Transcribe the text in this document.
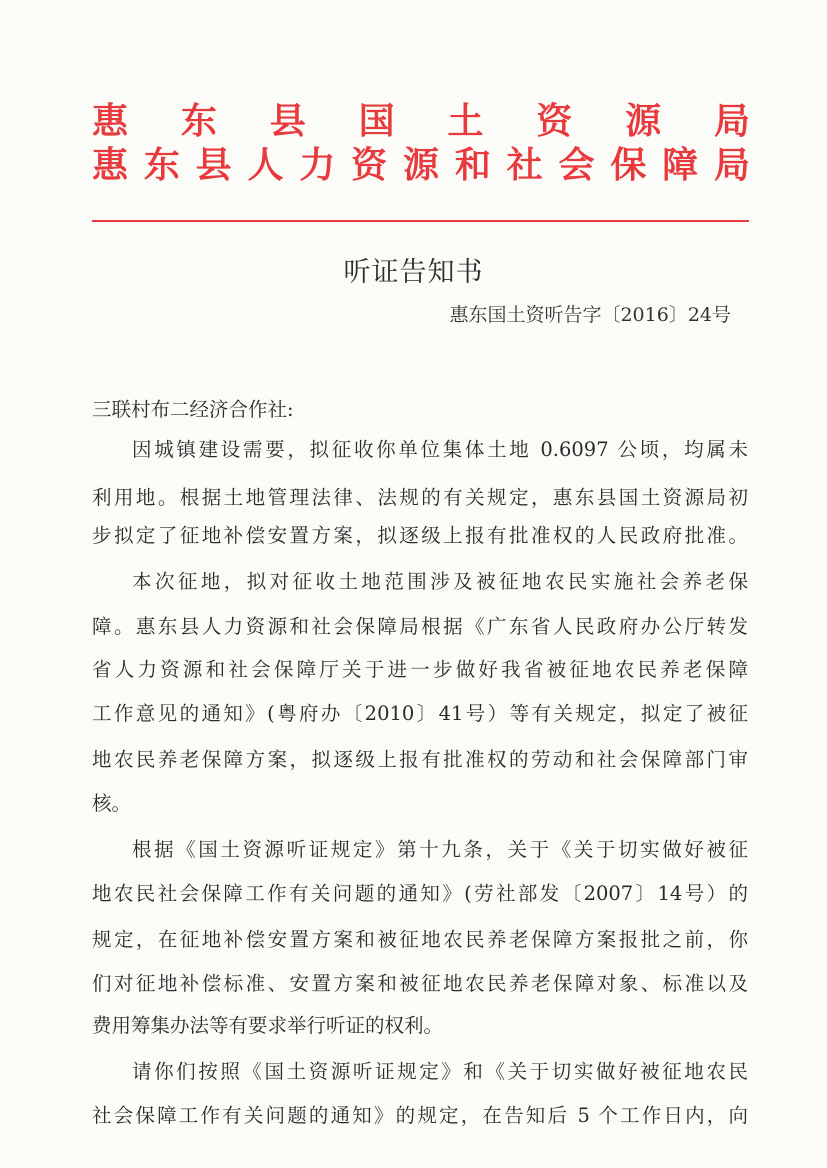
惠 东 县 国 土 资 源 局
惠东县人力资源和社会保障局
听证告知书
惠东国土资听告字〔2016〕24号
三联村布二经济合作社:
因城镇建设需要，拟征收你单位集体土地 0.6097 公顷，均属未
利用地。根据土地管理法律、法规的有关规定，惠东县国土资源局初
步拟定了征地补偿安置方案，拟逐级上报有批准权的人民政府批准。
本次征地，拟对征收土地范围涉及被征地农民实施社会养老保
障。惠东县人力资源和社会保障局根据《广东省人民政府办公厅转发
省人力资源和社会保障厅关于进一步做好我省被征地农民养老保障
工作意见的通知》(粤府办〔2010〕41号）等有关规定，拟定了被征
地农民养老保障方案，拟逐级上报有批准权的劳动和社会保障部门审
核。
根据《国土资源听证规定》第十九条，关于《关于切实做好被征
地农民社会保障工作有关问题的通知》(劳社部发〔2007〕14号）的
规定，在征地补偿安置方案和被征地农民养老保障方案报批之前，你
们对征地补偿标准、安置方案和被征地农民养老保障对象、标准以及
费用筹集办法等有要求举行听证的权利。
请你们按照《国土资源听证规定》和《关于切实做好被征地农民
社会保障工作有关问题的通知》的规定，在告知后 5 个工作日内，向
